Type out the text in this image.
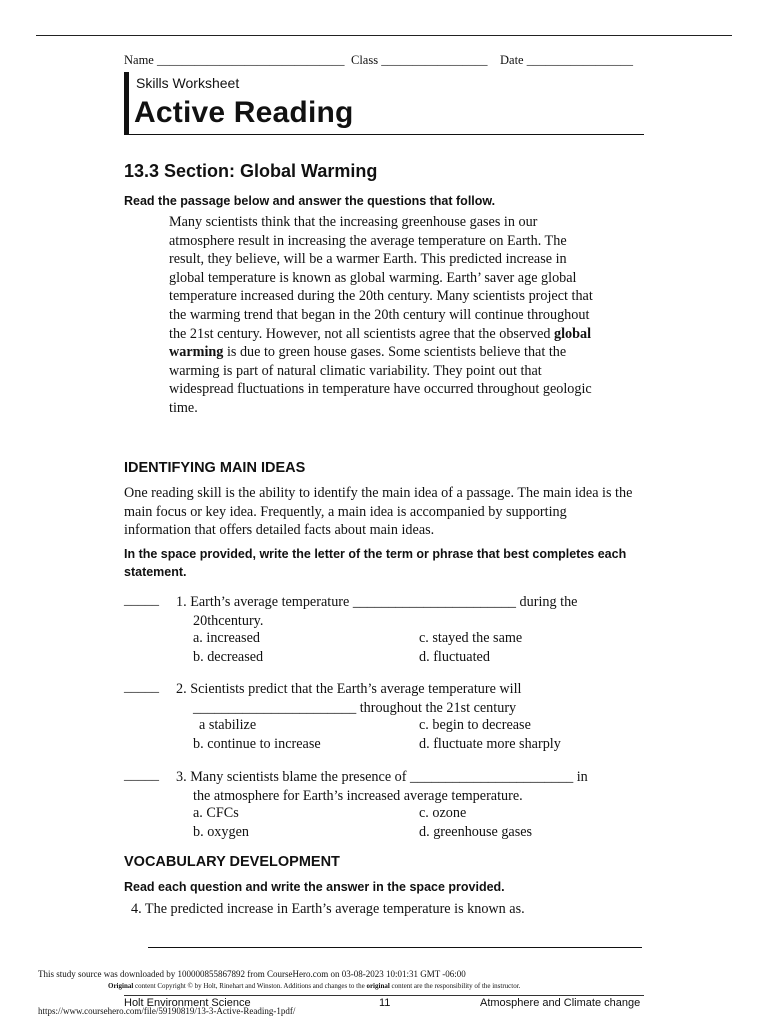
Name ______________________________ Class _________________ Date _________________
Skills Worksheet
Active Reading
13.3 Section: Global Warming
Read the passage below and answer the questions that follow.
Many scientists think that the increasing greenhouse gases in our atmosphere result in increasing the average temperature on Earth. The result, they believe, will be a warmer Earth. This predicted increase in global temperature is known as global warming. Earth’ saver age global temperature increased during the 20th century. Many scientists project that the warming trend that began in the 20th century will continue throughout the 21st century. However, not all scientists agree that the observed global warming is due to green house gases. Some scientists believe that the warming is part of natural climatic variability. They point out that widespread fluctuations in temperature have occurred throughout geologic time.
IDENTIFYING MAIN IDEAS
One reading skill is the ability to identify the main idea of a passage. The main idea is the main focus or key idea. Frequently, a main idea is accompanied by supporting information that offers detailed facts about main ideas.
In the space provided, write the letter of the term or phrase that best completes each statement.
_____ 1. Earth’s average temperature _______________________ during the
20thcentury.
a. increased
b. decreased
c. stayed the same
d. fluctuated
_____ 2. Scientists predict that the Earth’s average temperature will
_______________________ throughout the 21st century
a stabilize
b. continue to increase
c. begin to decrease
d. fluctuate more sharply
_____ 3. Many scientists blame the presence of _______________________ in
the atmosphere for Earth’s increased average temperature.
a. CFCs
b. oxygen
c. ozone
d. greenhouse gases
VOCABULARY DEVELOPMENT
Read each question and write the answer in the space provided.
4. The predicted increase in Earth’s average temperature is known as.
This study source was downloaded by 100000855867892 from CourseHero.com on 03-08-2023 10:01:31 GMT -06:00
Original content Copyright © by Holt, Rinehart and Winston. Additions and changes to the original content are the responsibility of the instructor.
Holt Environment Science	11	Atmosphere and Climate change
https://www.coursehero.com/file/59190819/13-3-Active-Reading-1pdf/
